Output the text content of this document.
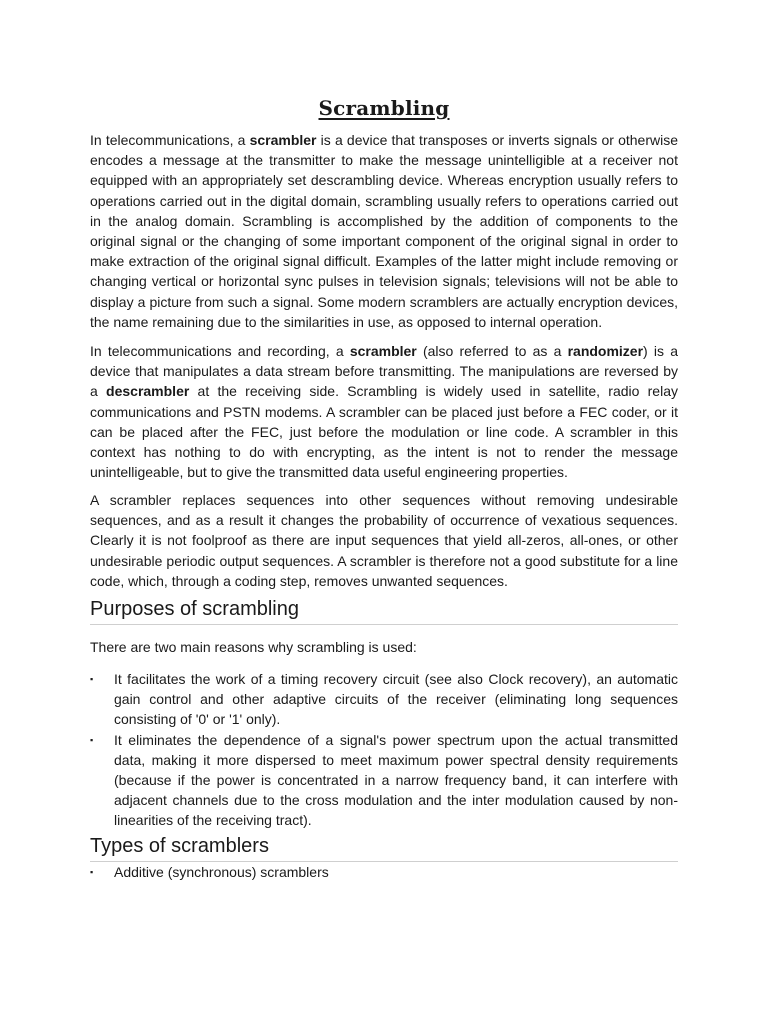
Scrambling

In telecommunications, a scrambler is a device that transposes or inverts signals or otherwise encodes a message at the transmitter to make the message unintelligible at a receiver not equipped with an appropriately set descrambling device. Whereas encryption usually refers to operations carried out in the digital domain, scrambling usually refers to operations carried out in the analog domain. Scrambling is accomplished by the addition of components to the original signal or the changing of some important component of the original signal in order to make extraction of the original signal difficult. Examples of the latter might include removing or changing vertical or horizontal sync pulses in television signals; televisions will not be able to display a picture from such a signal. Some modern scramblers are actually encryption devices, the name remaining due to the similarities in use, as opposed to internal operation.

In telecommunications and recording, a scrambler (also referred to as a randomizer) is a device that manipulates a data stream before transmitting. The manipulations are reversed by a descrambler at the receiving side. Scrambling is widely used in satellite, radio relay communications and PSTN modems. A scrambler can be placed just before a FEC coder, or it can be placed after the FEC, just before the modulation or line code. A scrambler in this context has nothing to do with encrypting, as the intent is not to render the message unintelligeable, but to give the transmitted data useful engineering properties.

A scrambler replaces sequences into other sequences without removing undesirable sequences, and as a result it changes the probability of occurrence of vexatious sequences. Clearly it is not foolproof as there are input sequences that yield all-zeros, all-ones, or other undesirable periodic output sequences. A scrambler is therefore not a good substitute for a line code, which, through a coding step, removes unwanted sequences.

Purposes of scrambling
There are two main reasons why scrambling is used:
▪ It facilitates the work of a timing recovery circuit (see also Clock recovery), an automatic gain control and other adaptive circuits of the receiver (eliminating long sequences consisting of '0' or '1' only).
▪ It eliminates the dependence of a signal's power spectrum upon the actual transmitted data, making it more dispersed to meet maximum power spectral density requirements (because if the power is concentrated in a narrow frequency band, it can interfere with adjacent channels due to the cross modulation and the inter modulation caused by non-linearities of the receiving tract).
Types of scramblers
▪ Additive (synchronous) scramblers
